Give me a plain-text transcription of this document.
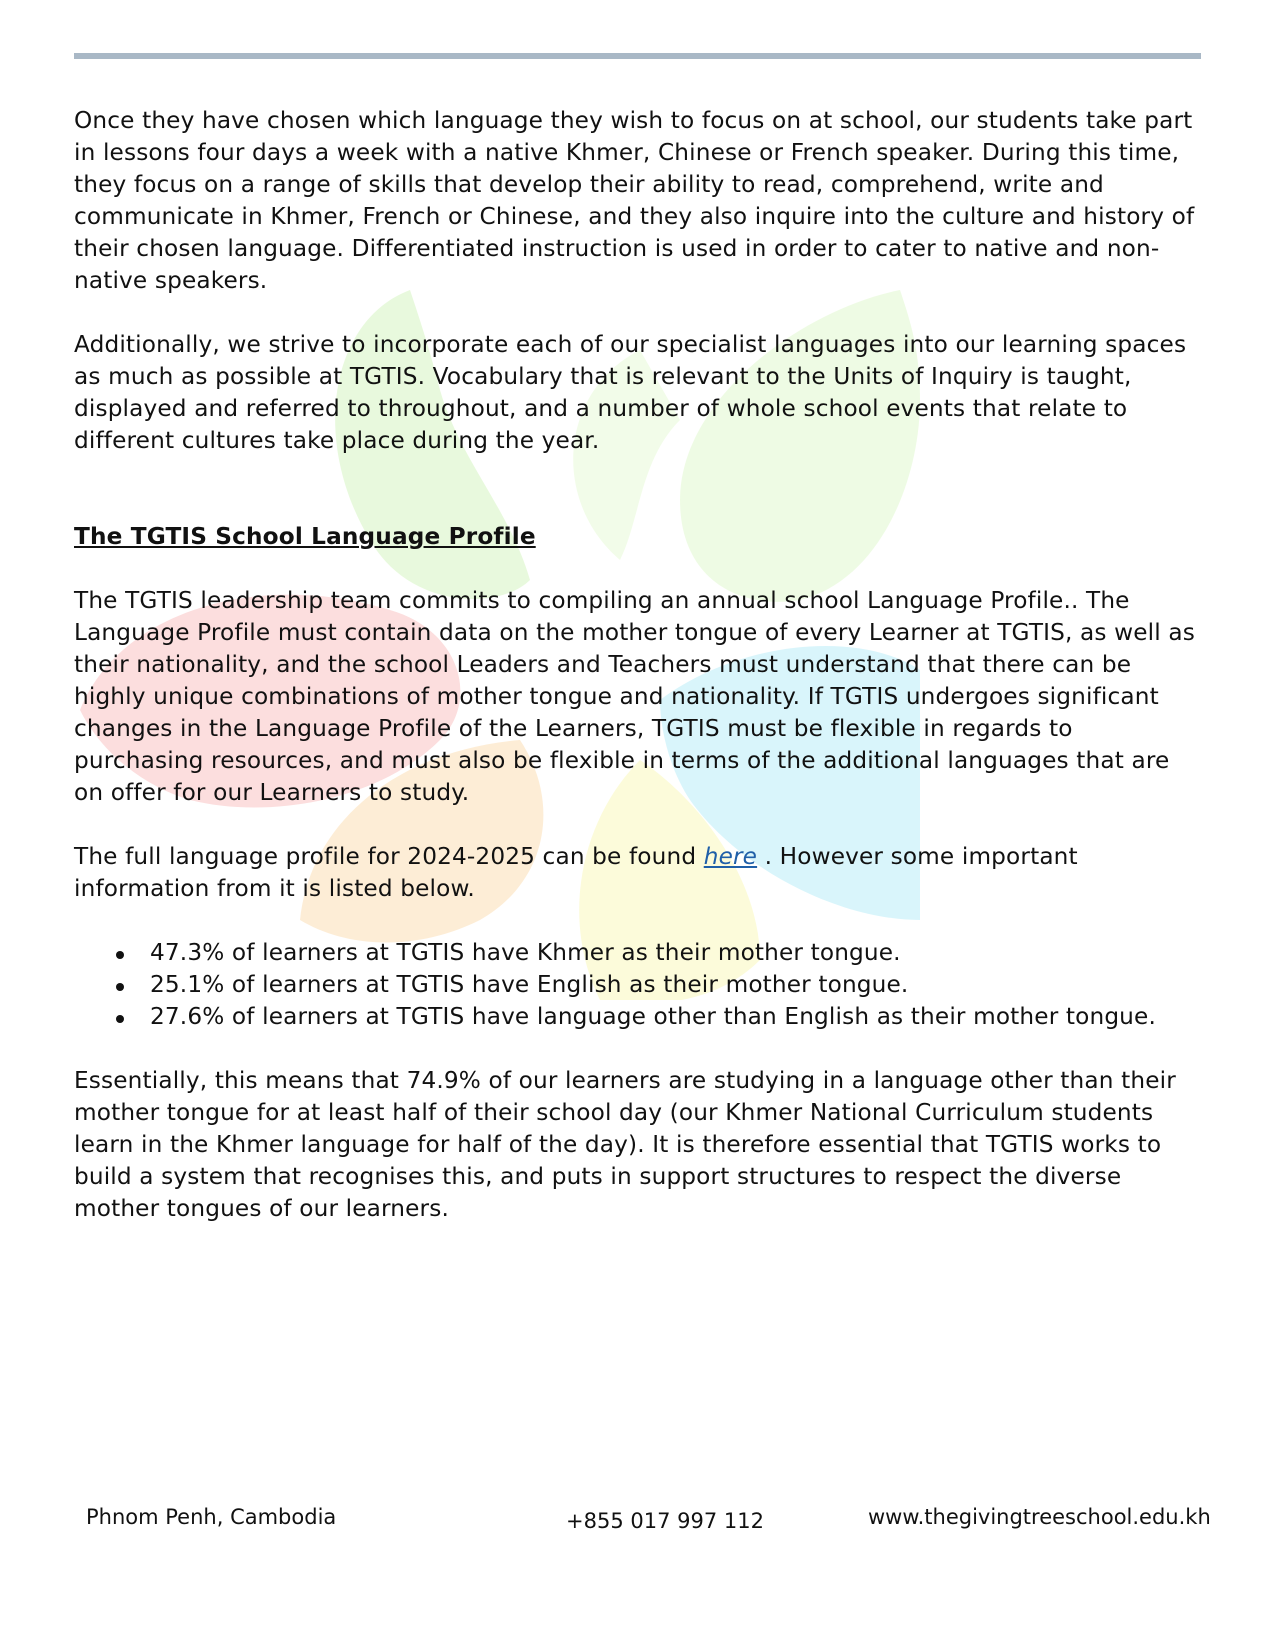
Once they have chosen which language they wish to focus on at school, our students take part in lessons four days a week with a native Khmer, Chinese or French speaker. During this time, they focus on a range of skills that develop their ability to read, comprehend, write and communicate in Khmer, French or Chinese, and they also inquire into the culture and history of their chosen language. Differentiated instruction is used in order to cater to native and non-native speakers.

Additionally, we strive to incorporate each of our specialist languages into our learning spaces as much as possible at TGTIS. Vocabulary that is relevant to the Units of Inquiry is taught, displayed and referred to throughout, and a number of whole school events that relate to different cultures take place during the year.

The TGTIS School Language Profile

The TGTIS leadership team commits to compiling an annual school Language Profile.. The Language Profile must contain data on the mother tongue of every Learner at TGTIS, as well as their nationality, and the school Leaders and Teachers must understand that there can be highly unique combinations of mother tongue and nationality. If TGTIS undergoes significant changes in the Language Profile of the Learners, TGTIS must be flexible in regards to purchasing resources, and must also be flexible in terms of the additional languages that are on offer for our Learners to study.

The full language profile for 2024-2025 can be found here . However some important information from it is listed below.

47.3% of learners at TGTIS have Khmer as their mother tongue.
25.1% of learners at TGTIS have English as their mother tongue.
27.6% of learners at TGTIS have language other than English as their mother tongue.

Essentially, this means that 74.9% of our learners are studying in a language other than their mother tongue for at least half of their school day (our Khmer National Curriculum students learn in the Khmer language for half of the day). It is therefore essential that TGTIS works to build a system that recognises this, and puts in support structures to respect the diverse mother tongues of our learners.

Phnom Penh, Cambodia	+855 017 997 112	www.thegivingtreeschool.edu.kh
